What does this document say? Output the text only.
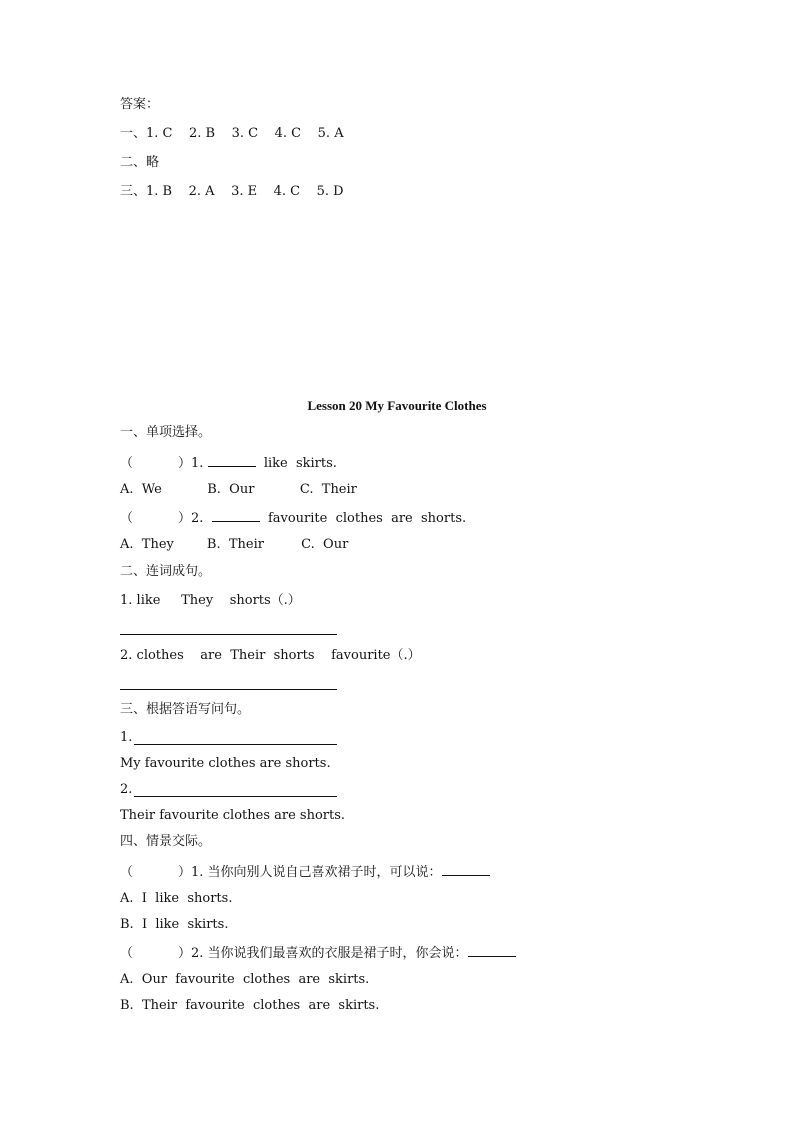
答案：
一、1. C    2. B    3. C    4. C    5. A
二、略
三、1. B    2. A    3. E    4. C    5. D
Lesson 20 My Favourite Clothes
一、单项选择。
（	）1.	like  skirts.
A.  We           B.  Our           C.  Their
（	）2.	favourite  clothes  are  shorts.
A.  They        B.  Their         C.  Our
二、连词成句。
1. like     They    shorts（.）
2. clothes    are  Their  shorts    favourite（.）
三、根据答语写问句。
1.
My favourite clothes are shorts.
2.
Their favourite clothes are shorts.
四、情景交际。
（	）1. 当你向别人说自己喜欢裙子时，可以说：
A.  I  like  shorts.
B.  I  like  skirts.
（	）2. 当你说我们最喜欢的衣服是裙子时，你会说：
A.  Our  favourite  clothes  are  skirts.
B.  Their  favourite  clothes  are  skirts.
